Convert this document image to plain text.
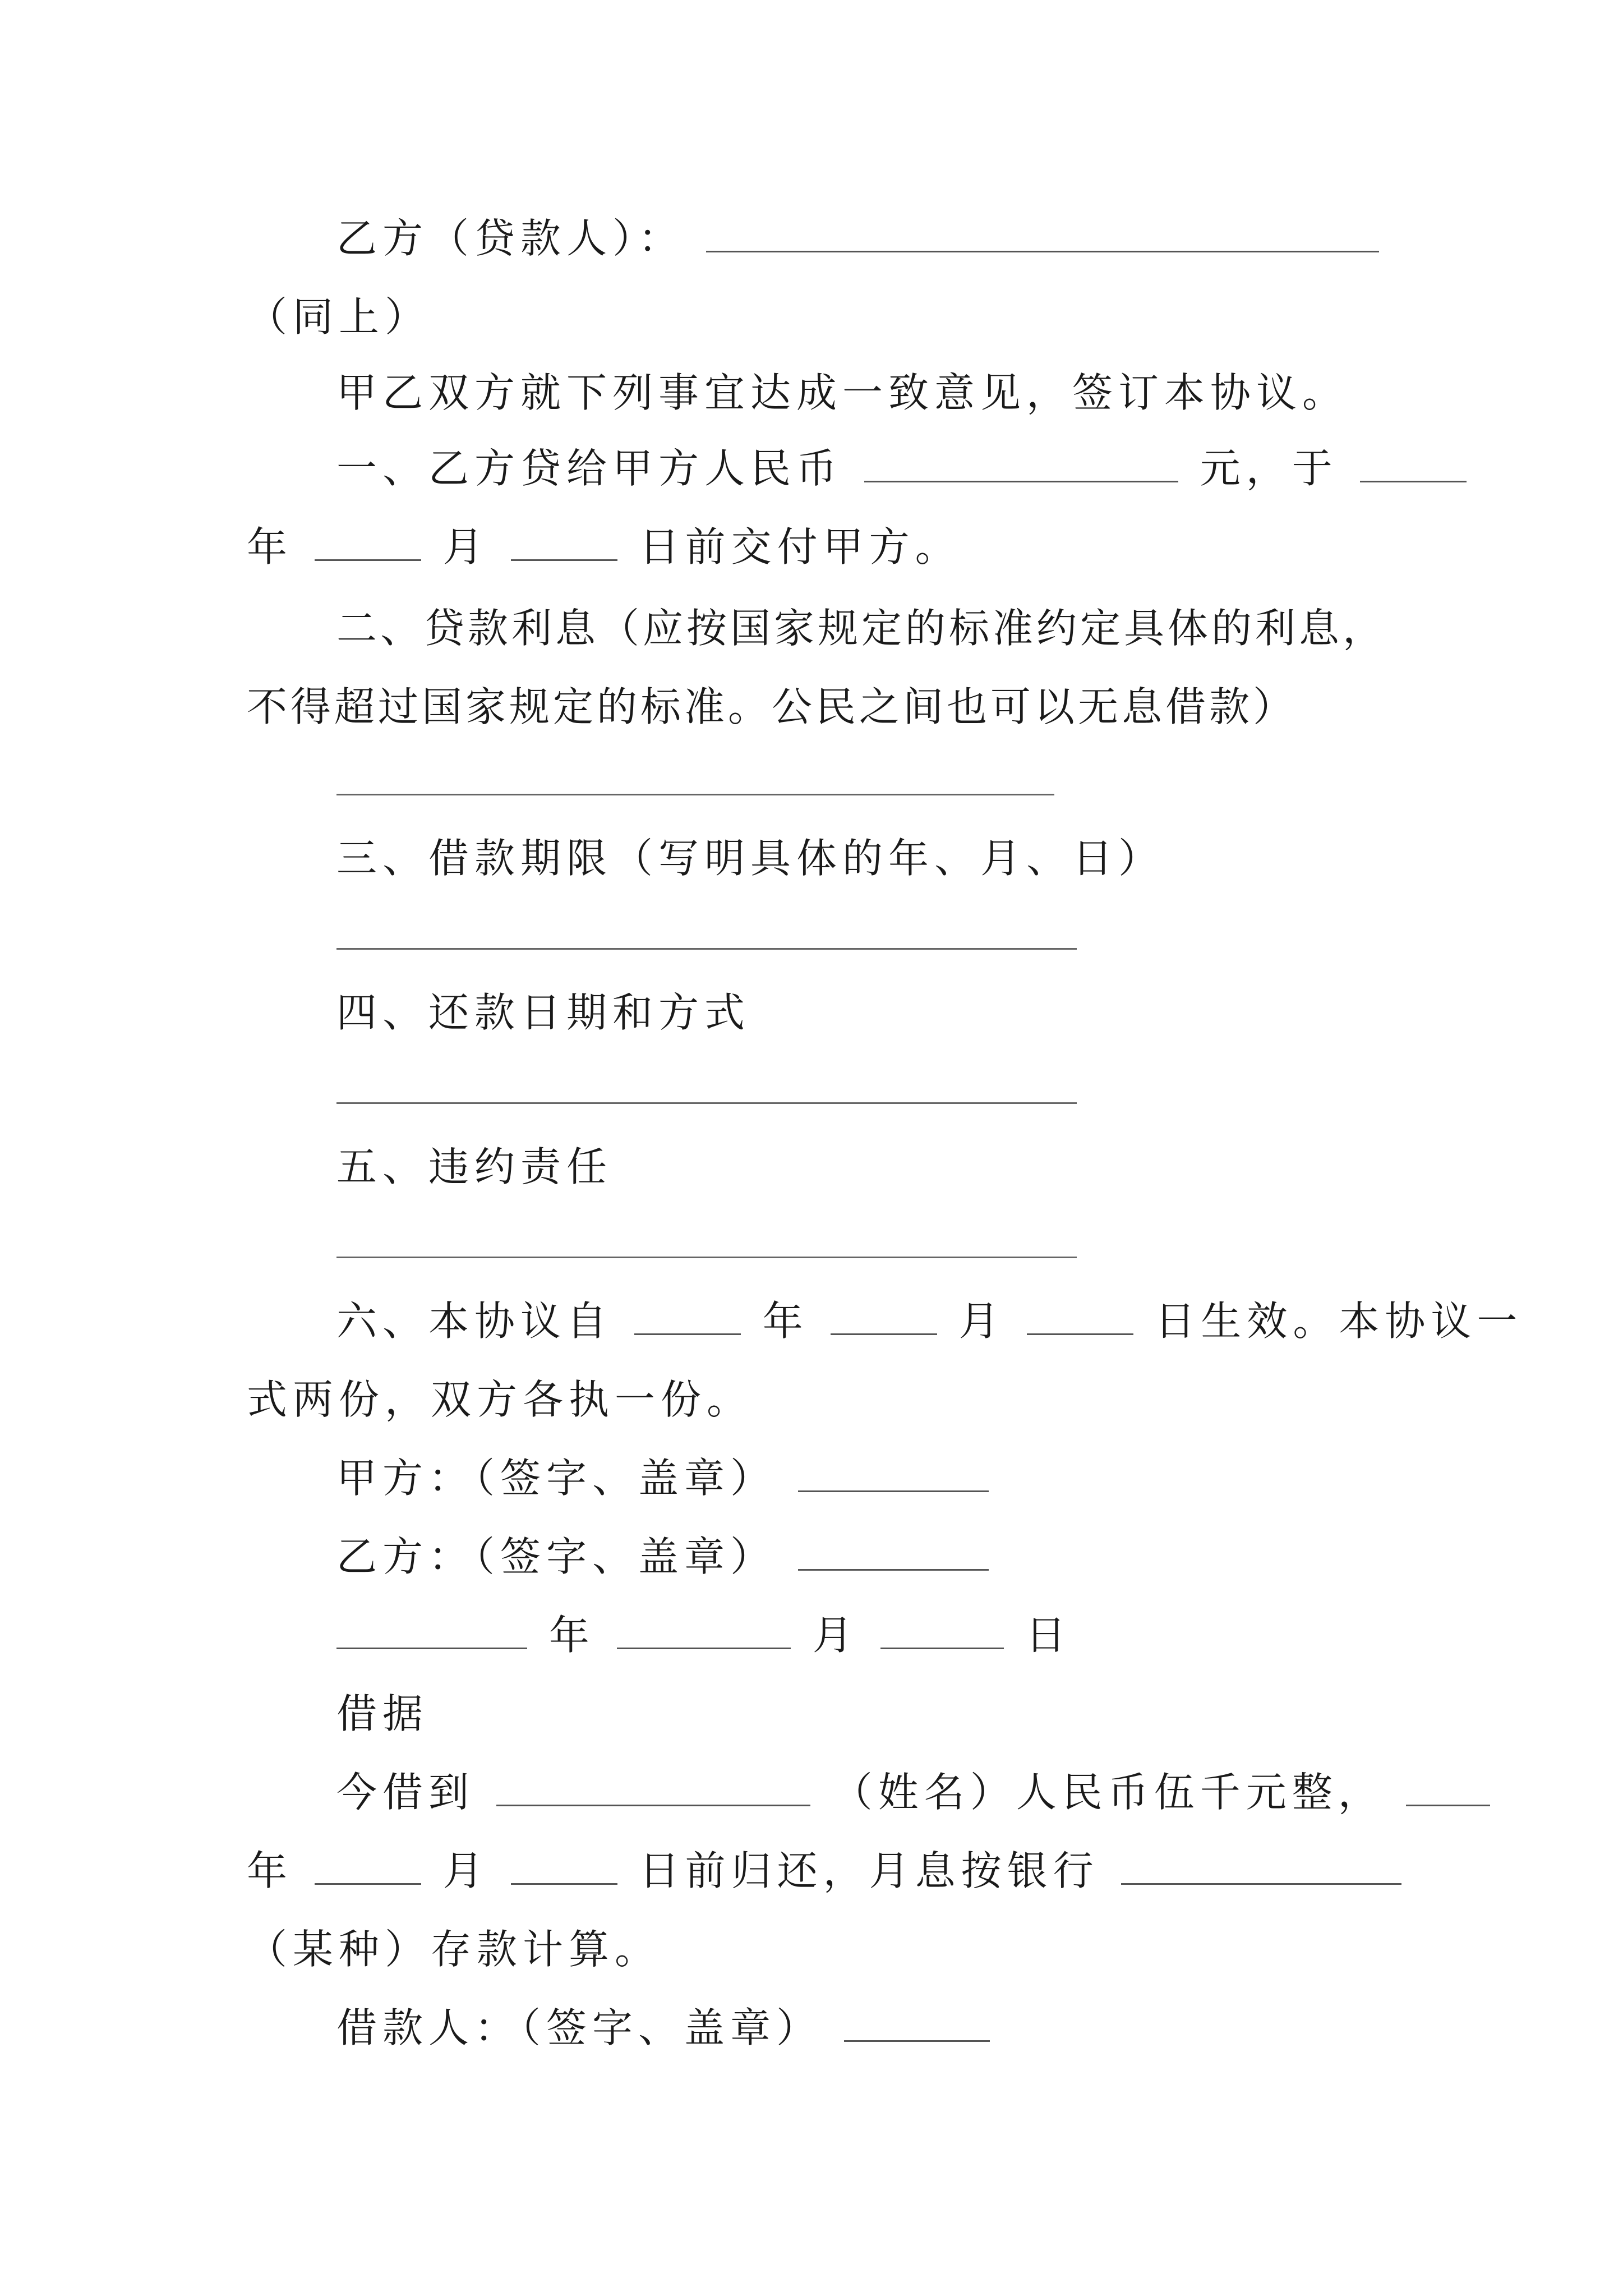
乙方（贷款人）：
（同上）
甲乙双方就下列事宜达成一致意见，签订本协议。
一、乙方贷给甲方人民币	元，于
年	月	日前交付甲方。
二、贷款利息（应按国家规定的标准约定具体的利息，
不得超过国家规定的标准。公民之间也可以无息借款）
三、借款期限（写明具体的年、月、日）
四、还款日期和方式
五、违约责任
六、本协议自	年	月	日生效。本协议一
式两份，双方各执一份。
甲方：（签字、盖章）
乙方：（签字、盖章）
年	月	日
借据
今借到	（姓名）人民币伍千元整，
年	月	日前归还，月息按银行
（某种）存款计算。
借款人：（签字、盖章）
